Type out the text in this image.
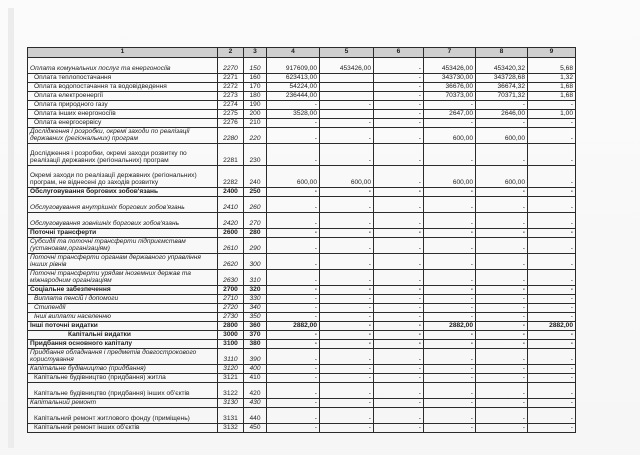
1	2	3	4	5	6	7	8	9
Оплата комунальних послуг та енергоносіїв	2270	150	917609,00	453426,00	-	453426,00	453420,32	5,68
Оплата теплопостачання	2271	160	623413,00		-	343730,00	343728,68	1,32
Оплата водопостачання та водовідведення	2272	170	54224,00		-	36676,00	36674,32	1,68
Оплата електроенергії	2273	180	236444,00		-	70373,00	70371,32	1,68
Оплата природного газу	2274	190	-	-	-	-	-	-
Оплата інших енергоносіїв	2275	200	3528,00		-	2647,00	2646,00	1,00
Оплата енергосервісу	2276	210	-	-	-	-	-	-
Дослідження і розробки, окремі заходи по реалізації державних (регіональних) програм	2280	220	-	-	-	600,00	600,00	-
Дослідження і розробки, окремі заходи розвитку по реалізації державних (регіональних) програм	2281	230	-	-	-	-	-	-
Окремі заходи по реалізації державних (регіональних) програм, не віднесені до заходів розвитку	2282	240	600,00	600,00	-	600,00	600,00	-
Обслуговування боргових зобов'язань	2400	250	-	-	-	-	-	-
Обслуговування внутрішніх боргових зобов'язань	2410	260	-	-	-	-	-	-
Обслуговування зовнішніх боргових зобов'язань	2420	270	-	-	-	-	-	-
Поточні трансферти	2600	280	-	-	-	-	-	-
Субсидії та поточні трансферти підприємствам (установам,організаціям)	2610	290	-	-	-	-	-	-
Поточні трансферти органам державного управління інших рівнів	2620	300	-	-	-	-	-	-
Поточні трансферти урядам іноземних держав та міжнародним організаціям	2630	310	-	-	-	-	-	-
Соціальне забезпечення	2700	320	-	-	-	-	-	-
Виплата пенсій і допомоги	2710	330	-	-	-	-	-	-
Стипендії	2720	340	-	-	-	-	-	-
Інші виплати населенню	2730	350	-	-	-	-	-	-
Інші поточні видатки	2800	360	2882,00	-	-	2882,00	-	2882,00
Капітальні видатки	3000	370	-	-	-	-	-	-
Придбання основного капіталу	3100	380	-	-	-	-	-	-
Придбання обладнання і предметів довгострокового користування	3110	390	-	-	-	-	-	-
Капітальне будівництво (придбання)	3120	400	-	-	-	-	-	-
Капітальне будівництво (придбання) житла	3121	410	-	-	-	-	-	-
Капітальне будівництво (придбання) інших об'єктів	3122	420	-	-	-	-	-	-
Капітальний ремонт	3130	430	-	-	-	-	-	-
Капітальний ремонт житлового фонду (приміщень)	3131	440	-	-	-	-	-	-
Капітальний ремонт інших об'єктів	3132	450	-	-	-	-	-	-
